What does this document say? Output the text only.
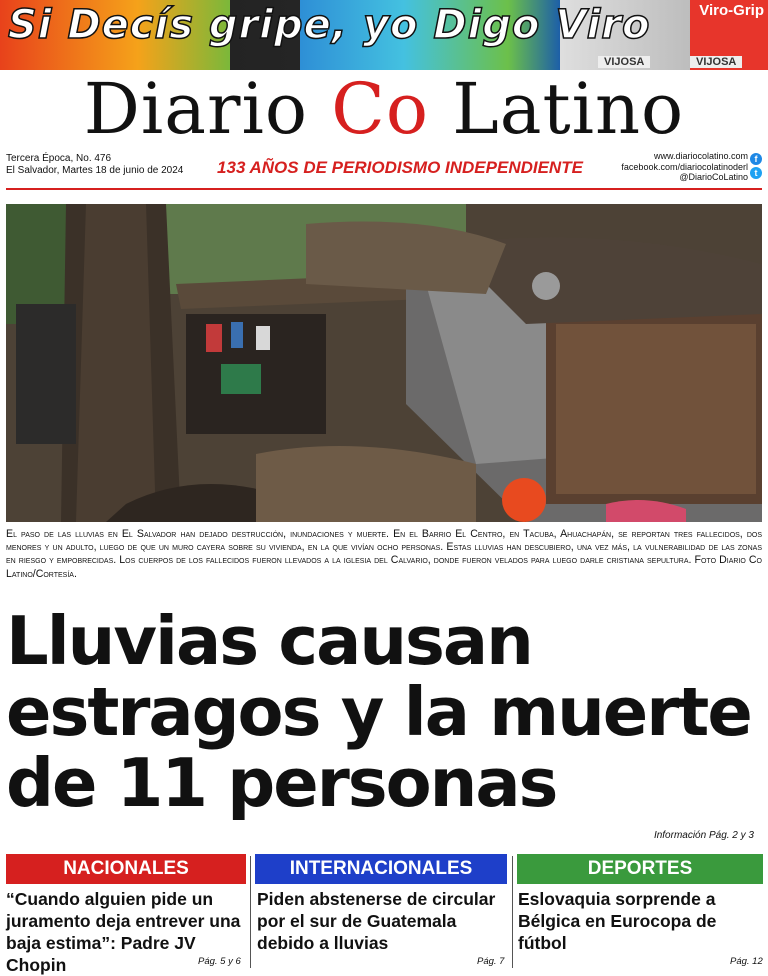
Si Decís gripe, yo Digo Viro	Viro-Grip
VIJOSA	VIJOSA
Diario Co Latino
Tercera Época, No. 476
El Salvador, Martes 18 de junio de 2024	133 AÑOS DE PERIODISMO INDEPENDIENTE
www.diariocolatino.com
facebook.com/diariocolatinoderl
@DiarioCoLatino
f
t
El paso de las lluvias en El Salvador han dejado destrucción, inundaciones y muerte. En el Barrio El Centro, en Tacuba, Ahuachapán, se reportan tres fallecidos, dos menores y un adulto, luego de que un muro cayera sobre su vivienda, en la que vivían ocho personas. Estas lluvias han descubiero, una vez más, la vulnerabilidad de las zonas en riesgo y empobrecidas. Los cuerpos de los fallecidos fueron llevados a la iglesia del Calvario, donde fueron velados para luego darle cristiana sepultura. Foto Diario Co Latino/Cortesía.
Lluvias causan
estragos y la muerte
de 11 personas
Información Pág. 2 y 3
NACIONALES	INTERNACIONALES	DEPORTES
“Cuando alguien pide un juramento deja entrever una baja estima”: Padre JV Chopin
Piden abstenerse de circular por el sur de Guatemala debido a lluvias
Eslovaquia sorprende a Bélgica en Eurocopa de fútbol
Pág. 5 y 6	Pág. 7	Pág. 12
